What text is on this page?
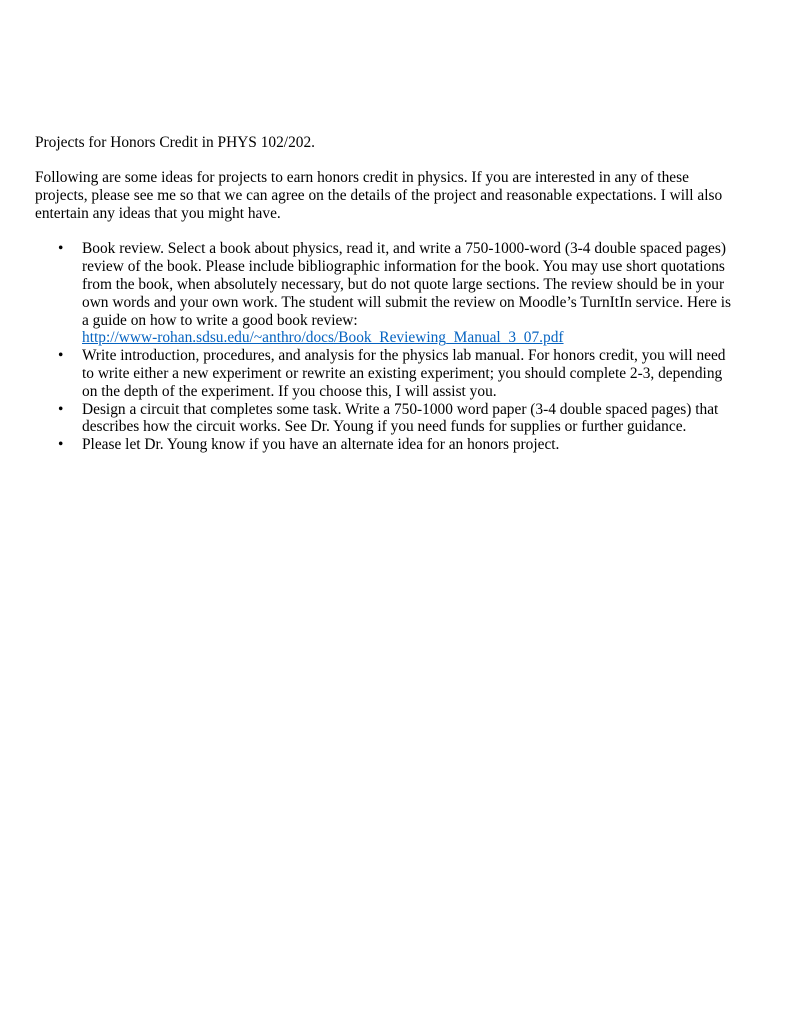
Projects for Honors Credit in PHYS 102/202.

Following are some ideas for projects to earn honors credit in physics. If you are interested in any of these projects, please see me so that we can agree on the details of the project and reasonable expectations. I will also entertain any ideas that you might have.

• Book review. Select a book about physics, read it, and write a 750-1000-word (3-4 double spaced pages) review of the book. Please include bibliographic information for the book. You may use short quotations from the book, when absolutely necessary, but do not quote large sections. The review should be in your own words and your own work. The student will submit the review on Moodle’s TurnItIn service. Here is a guide on how to write a good book review:
http://www-rohan.sdsu.edu/~anthro/docs/Book_Reviewing_Manual_3_07.pdf
• Write introduction, procedures, and analysis for the physics lab manual. For honors credit, you will need to write either a new experiment or rewrite an existing experiment; you should complete 2-3, depending on the depth of the experiment. If you choose this, I will assist you.
• Design a circuit that completes some task. Write a 750-1000 word paper (3-4 double spaced pages) that describes how the circuit works. See Dr. Young if you need funds for supplies or further guidance.
• Please let Dr. Young know if you have an alternate idea for an honors project.
